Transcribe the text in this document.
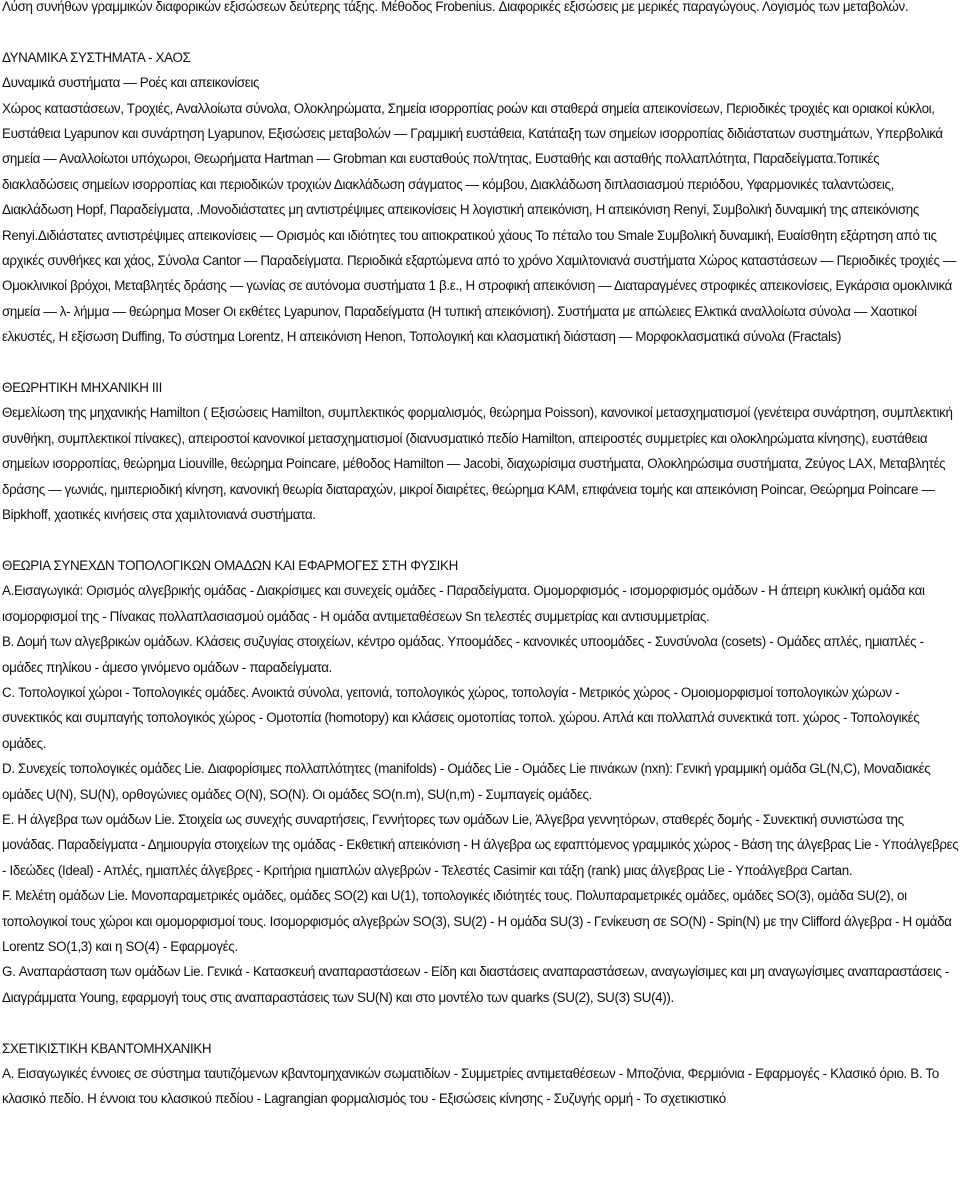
Λύση συνήθων γραμμικών διαφορικών εξισώσεων δεύτερης τάξης. Μέθοδος Frobenius. Διαφορικές εξισώσεις με μερικές παραγώγους. Λογισμός των μεταβολών.

ΔΥΝΑΜΙΚΑ ΣΥΣΤΗΜΑΤΑ - ΧΑΟΣ

Δυναμικά συστήματα — Ροές και απεικονίσεις

Χώρος καταστάσεων, Τροχιές, Αναλλοίωτα σύνολα, Ολοκληρώματα, Σημεία ισορροπίας ροών και σταθερά σημεία απεικονίσεων, Περιοδικές τροχιές και οριακοί κύκλοι, Ευστάθεια Lyapunov και συνάρτηση Lyapunov, Εξισώσεις μεταβολών — Γραμμική ευστάθεια, Κατάταξη των σημείων ισορροπίας διδιάστατων συστημάτων, Υπερβολικά σημεία — Αναλλοίωτοι υπόχωροι, Θεωρήματα Hartman — Grobman και ευσταθούς πολ/τητας, Ευσταθής και ασταθής πολλαπλότητα, Παραδείγματα.Τοπικές διακλαδώσεις σημείων ισορροπίας και περιοδικών τροχιών Διακλάδωση σάγματος — κόμβου, Διακλάδωση διπλασιασμού περιόδου, Υφαρμονικές ταλαντώσεις, Διακλάδωση Hopf, Παραδείγματα, .Μονοδιάστατες μη αντιστρέψιμες απεικονίσεις Η λογιστική απεικόνιση, Η απεικόνιση Renyi, Συμβολική δυναμική της απεικόνισης Renyi.Διδιάστατες αντιστρέψιμες απεικονίσεις — Ορισμός και ιδιότητες του αιτιοκρατικού χάους Το πέταλο του Smale Συμβολική δυναμική, Ευαίσθητη εξάρτηση από τις αρχικές συνθήκες και χάος, Σύνολα Cantor — Παραδείγματα. Περιοδικά εξαρτώμενα από το χρόνο Χαμιλτονιανά συστήματα Χώρος καταστάσεων — Περιοδικές τροχιές — Ομοκλινικοί βρόχοι, Μεταβλητές δράσης — γωνίας σε αυτόνομα συστήματα 1 β.ε., Η στροφική απεικόνιση — Διαταραγμένες στροφικές απεικονίσεις, Εγκάρσια ομοκλινικά σημεία — λ- λήμμα — θεώρημα Moser Οι εκθέτες Lyapunov, Παραδείγματα (Η τυπική απεικόνιση). Συστήματα με απώλειες Ελκτικά αναλλοίωτα σύνολα — Χαοτικοί ελκυστές, Η εξίσωση Duffing, Το σύστημα Lorentz, Η απεικόνιση Henon, Τοπολογική και κλασματική διάσταση — Μορφοκλασματικά σύνολα (Fractals)

ΘΕΩΡΗΤΙΚΗ ΜΗΧΑΝΙΚΗ ΙΙΙ

Θεμελίωση της μηχανικής Hamilton ( Εξισώσεις Hamilton, συμπλεκτικός φορμαλισμός, θεώρημα Poisson), κανονικοί μετασχηματισμοί (γενέτειρα συνάρτηση, συμπλεκτική συνθήκη, συμπλεκτικοί πίνακες), απειροστοί κανονικοί μετασχηματισμοί (διανυσματικό πεδίο Hamilton, απειροστές συμμετρίες και ολοκληρώματα κίνησης), ευστάθεια σημείων ισορροπίας, θεώρημα Liouville, θεώρημα Poincare, μέθοδος Hamilton — Jacobi, διαχωρίσιμα συστήματα, Ολοκληρώσιμα συστήματα, Ζεύγος LAX, Μεταβλητές δράσης — γωνιάς, ημιπεριοδική κίνηση, κανονική θεωρία διαταραχών, μικροί διαιρέτες, θεώρημα KAM, επιφάνεια τομής και απεικόνιση Poincar, Θεώρημα Poincare — Bipkhoff, χαοτικές κινήσεις στα χαμιλτονιανά συστήματα.

ΘΕΩΡΙΑ ΣΥΝΕΧΔΝ ΤΟΠΟΛΟΓΙΚΩΝ ΟΜΑΔΩΝ ΚΑΙ ΕΦΑΡΜΟΓΕΣ ΣΤΗ ΦΥΣΙΚΗ

Α.Εισαγωγικά: Ορισμός αλγεβρικής ομάδας - Διακρίσιμες και συνεχείς ομάδες - Παραδείγματα. Ομομορφισμός - ισομορφισμός ομάδων - Η άπειρη κυκλική ομάδα και ισομορφισμοί της - Πίνακας πολλαπλασιασμού ομάδας - Η ομάδα αντιμεταθέσεων Sn τελεστές συμμετρίας και αντισυμμετρίας.

Β. Δομή των αλγεβρικών ομάδων. Κλάσεις συζυγίας στοιχείων, κέντρο ομάδας. Υποομάδες - κανονικές υποομάδες - Συνσύνολα (cosets) - Ομάδες απλές, ημιαπλές - ομάδες πηλίκου - άμεσο γινόμενο ομάδων - παραδείγματα.

C. Τοπολογικοί χώροι - Τοπολογικές ομάδες. Ανοικτά σύνολα, γειτονιά, τοπολογικός χώρος, τοπολογία - Μετρικός χώρος - Ομοιομορφισμοί τοπολογικών χώρων - συνεκτικός και συμπαγής τοπολογικός χώρος - Ομοτοπία (homotopy) και κλάσεις ομοτοπίας τοπολ. χώρου. Απλά και πολλαπλά συνεκτικά τοπ. χώρος - Τοπολογικές ομάδες.

D. Συνεχείς τοπολογικές ομάδες Lie. Διαφορίσιμες πολλαπλότητες (manifolds) - Ομάδες Lie - Ομάδες Lie πινάκων (nxn): Γενική γραμμική ομάδα GL(N,C), Μοναδιακές ομάδες U(N), SU(N), ορθογώνιες ομάδες O(N), SO(N). Οι ομάδες SO(n.m), SU(n,m) - Συμπαγείς ομάδες.

E. Η άλγεβρα των ομάδων Lie. Στοιχεία ως συνεχής συναρτήσεις, Γεννήτορες των ομάδων Lie, Άλγεβρα γεννητόρων, σταθερές δομής - Συνεκτική συνιστώσα της μονάδας. Παραδείγματα - Δημιουργία στοιχείων της ομάδας - Εκθετική απεικόνιση - Η άλγεβρα ως εφαπτόμενος γραμμικός χώρος - Βάση της άλγεβρας Lie - Υποάλγεβρες - Ιδεώδες (Ideal) - Απλές, ημιαπλές άλγεβρες - Κριτήρια ημιαπλών αλγεβρών - Τελεστές Casimir και τάξη (rank) μιας άλγεβρας Lie - Υποάλγεβρα Cartan.

F. Μελέτη ομάδων Lie. Μονοπαραμετρικές ομάδες, ομάδες SO(2) και U(1), τοπολογικές ιδιότητές τους. Πολυπαραμετρικές ομάδες, ομάδες SO(3), ομάδα SU(2), οι τοπολογικοί τους χώροι και ομομορφισμοί τους. Ισομορφισμός αλγεβρών SO(3), SU(2) - Η ομάδα SU(3) - Γενίκευση σε SO(N) - Spin(N) με την Clifford άλγεβρα - Η ομάδα Lorentz SO(1,3) και η SO(4) - Εφαρμογές.

G. Αναπαράσταση των ομάδων Lie. Γενικά - Κατασκευή αναπαραστάσεων - Είδη και διαστάσεις αναπαραστάσεων, αναγωγίσιμες και μη αναγωγίσιμες αναπαραστάσεις - Διαγράμματα Young, εφαρμογή τους στις αναπαραστάσεις των SU(N) και στο μοντέλο των quarks (SU(2), SU(3) SU(4)).

ΣΧΕΤΙΚΙΣΤΙΚΗ ΚΒΑΝΤΟΜΗΧΑΝΙΚΗ

Α. Εισαγωγικές έννοιες σε σύστημα ταυτιζόμενων κβαντομηχανικών σωματιδίων - Συμμετρίες αντιμεταθέσεων - Μποζόνια, Φερμιόνια - Εφαρμογές - Κλασικό όριο. Β. Το κλασικό πεδίο. Η έννοια του κλασικού πεδίου - Lagrangian φορμαλισμός του - Εξισώσεις κίνησης - Συζυγής ορμή - Το σχετικιστικό
